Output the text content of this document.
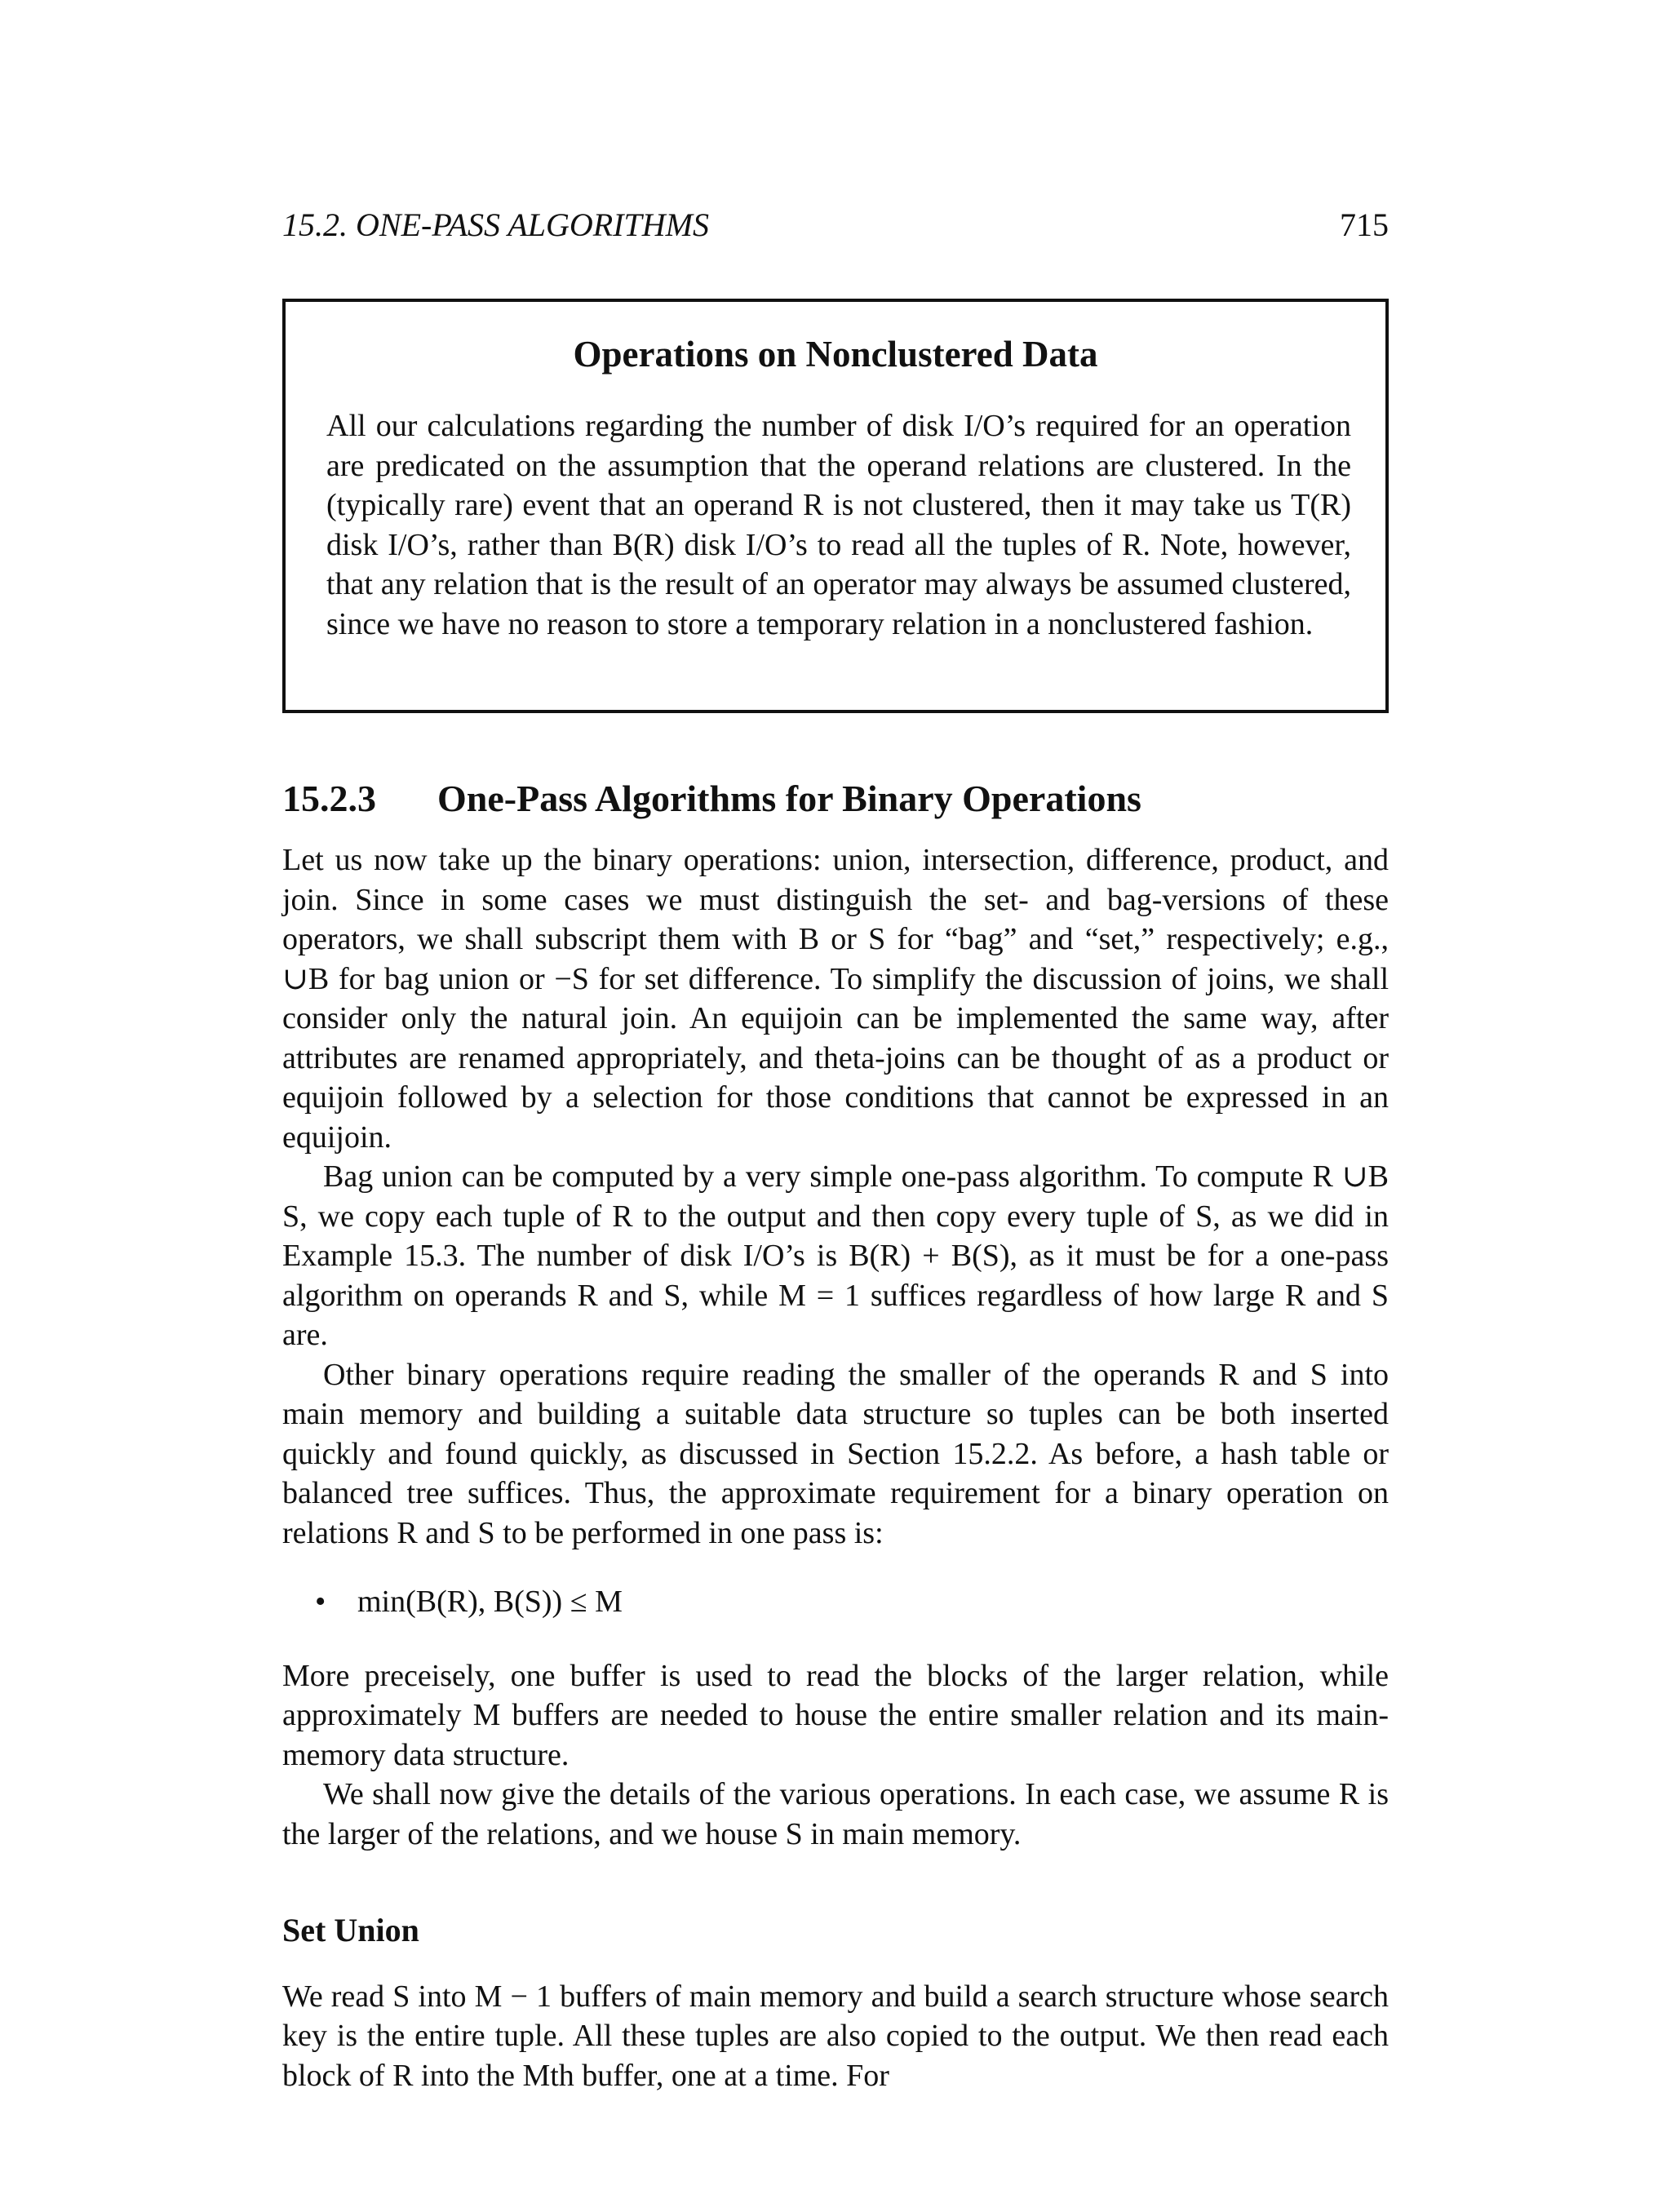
15.2. ONE-PASS ALGORITHMS	715
Operations on Nonclustered Data
All our calculations regarding the number of disk I/O’s required for an operation are predicated on the assumption that the operand relations are clustered. In the (typically rare) event that an operand R is not clustered, then it may take us T(R) disk I/O’s, rather than B(R) disk I/O’s to read all the tuples of R. Note, however, that any relation that is the result of an operator may always be assumed clustered, since we have no reason to store a temporary relation in a nonclustered fashion.
15.2.3 One-Pass Algorithms for Binary Operations

Let us now take up the binary operations: union, intersection, difference, product, and join. Since in some cases we must distinguish the set- and bag-versions of these operators, we shall subscript them with B or S for “bag” and “set,” respectively; e.g., ∪B for bag union or −S for set difference. To simplify the discussion of joins, we shall consider only the natural join. An equijoin can be implemented the same way, after attributes are renamed appropriately, and theta-joins can be thought of as a product or equijoin followed by a selection for those conditions that cannot be expressed in an equijoin.

Bag union can be computed by a very simple one-pass algorithm. To compute R ∪B S, we copy each tuple of R to the output and then copy every tuple of S, as we did in Example 15.3. The number of disk I/O’s is B(R) + B(S), as it must be for a one-pass algorithm on operands R and S, while M = 1 suffices regardless of how large R and S are.

Other binary operations require reading the smaller of the operands R and S into main memory and building a suitable data structure so tuples can be both inserted quickly and found quickly, as discussed in Section 15.2.2. As before, a hash table or balanced tree suffices. Thus, the approximate requirement for a binary operation on relations R and S to be performed in one pass is:

• min(B(R), B(S)) ≤ M

More preceisely, one buffer is used to read the blocks of the larger relation, while approximately M buffers are needed to house the entire smaller relation and its main-memory data structure.

We shall now give the details of the various operations. In each case, we assume R is the larger of the relations, and we house S in main memory.

Set Union

We read S into M − 1 buffers of main memory and build a search structure whose search key is the entire tuple. All these tuples are also copied to the output. We then read each block of R into the Mth buffer, one at a time. For
